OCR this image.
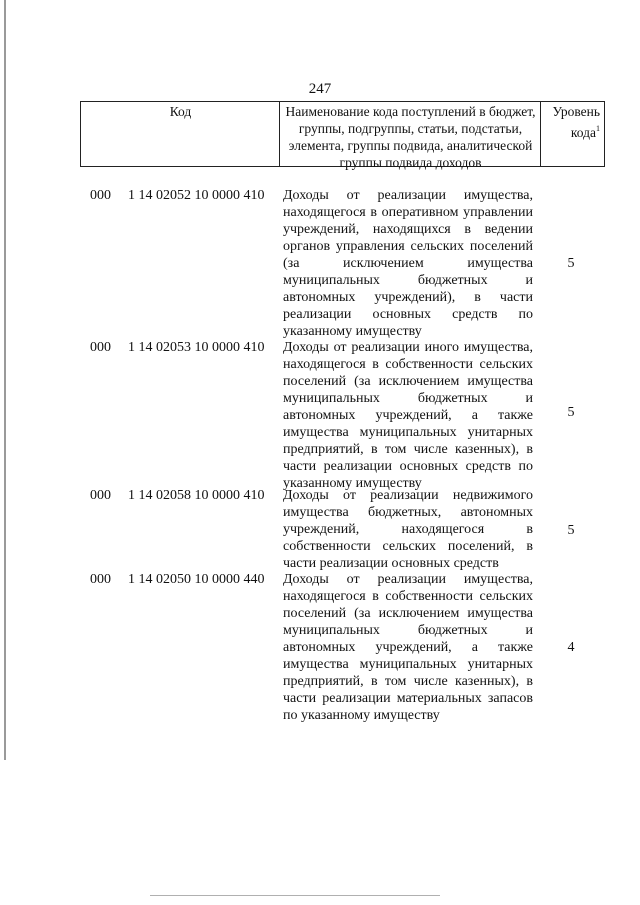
247
Код	Наименование кода поступлений в бюджет, группы, подгруппы, статьи, подстатьи, элемента, группы подвида, аналитической группы подвида доходов
Уровень
кода$^1$
000 1 14 02052 10 0000 410 Доходы от реализации имущества, находящегося в оперативном управлении учреждений, находящихся в ведении органов управления сельских поселений (за исключением имущества муниципальных бюджетных и автономных учреждений), в части реализации основных средств по указанному имуществу
5
000 1 14 02053 10 0000 410 Доходы от реализации иного имущества, находящегося в собственности сельских поселений (за исключением имущества муниципальных бюджетных и автономных учреждений, а также имущества муниципальных унитарных предприятий, в том числе казенных), в части реализации основных средств по указанному имуществу
5
000 1 14 02058 10 0000 410 Доходы от реализации недвижимого имущества бюджетных, автономных учреждений, находящегося в собственности сельских поселений, в части реализации основных средств
5
000 1 14 02050 10 0000 440 Доходы от реализации имущества, находящегося в собственности сельских поселений (за исключением имущества муниципальных бюджетных и автономных учреждений, а также имущества муниципальных унитарных предприятий, в том числе казенных), в части реализации материальных запасов по указанному имуществу
4
